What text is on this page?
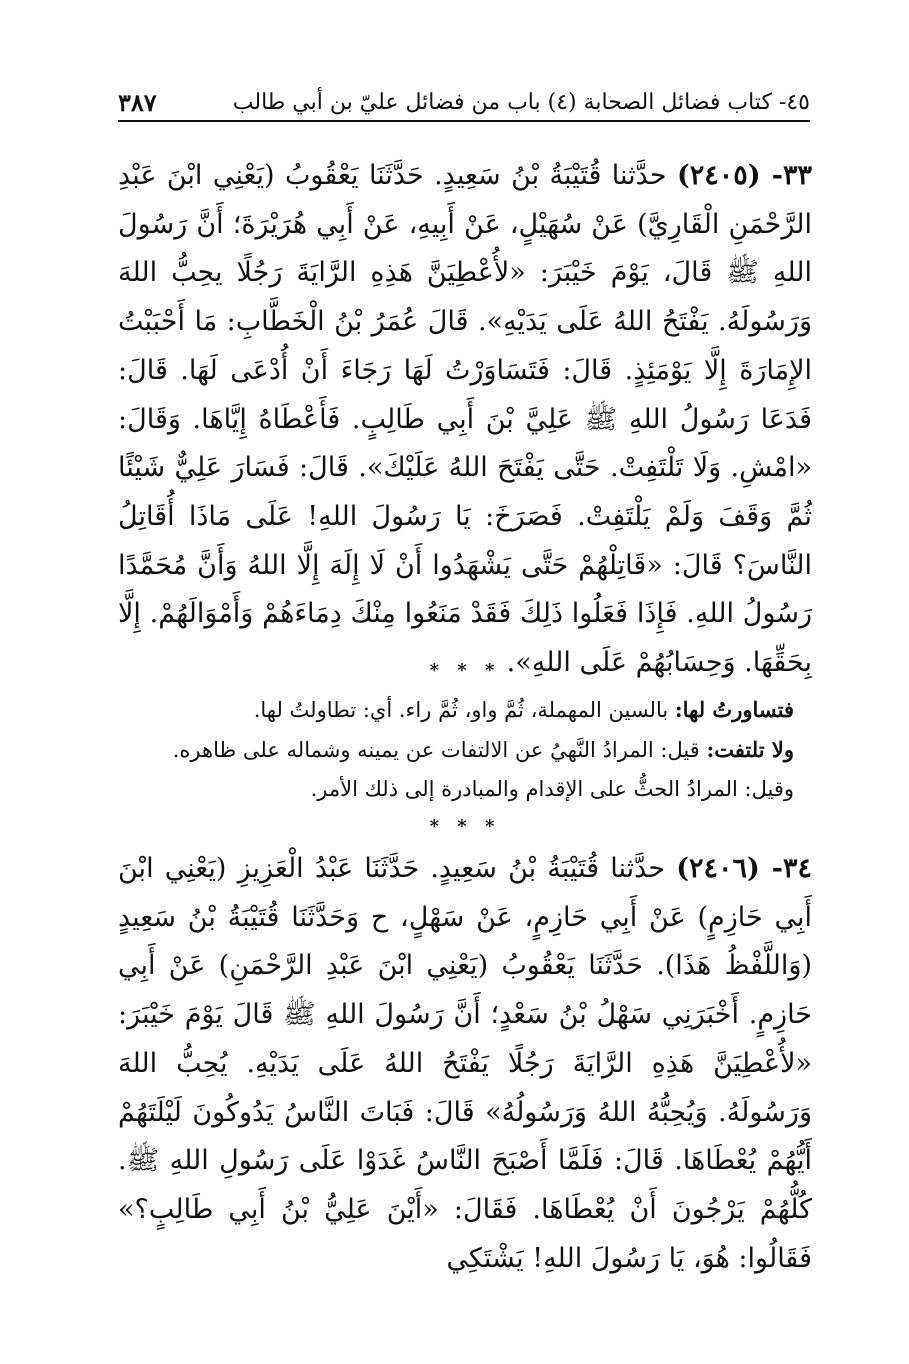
٤٥- كتاب فضائل الصحابة (٤) باب من فضائل عليّ بن أبي طالب
٣٨٧
٣٣- (٢٤٠٥) حدَّثنا قُتَيْبَةُ بْنُ سَعِيدٍ. حَدَّثَنَا يَعْقُوبُ (يَعْنِي ابْنَ عَبْدِ الرَّحْمَنِ الْقَارِيَّ) عَنْ سُهَيْلٍ، عَنْ أَبِيهِ، عَنْ أَبِي هُرَيْرَةَ؛ أَنَّ رَسُولَ اللهِ ﷺ قَالَ، يَوْمَ خَيْبَرَ: «لأُعْطِيَنَّ هَذِهِ الرَّايَةَ رَجُلًا يحِبُّ اللهَ وَرَسُولَهُ. يَفْتَحُ اللهُ عَلَى يَدَيْهِ». قَالَ عُمَرُ بْنُ الْخَطَّابِ: مَا أَحْبَبْتُ الإِمَارَةَ إِلَّا يَوْمَئِذٍ. قَالَ: فَتَسَاوَرْتُ لَهَا رَجَاءَ أَنْ أُدْعَى لَهَا. قَالَ: فَدَعَا رَسُولُ اللهِ ﷺ عَلِيَّ بْنَ أَبِي طَالِبٍ. فَأَعْطَاهُ إِيَّاهَا. وَقَالَ: «امْشِ. وَلَا تَلْتَفِتْ. حَتَّى يَفْتَحَ اللهُ عَلَيْكَ». قَالَ: فَسَارَ عَلِيٌّ شَيْئًا ثُمَّ وَقَفَ وَلَمْ يَلْتَفِتْ. فَصَرَخَ: يَا رَسُولَ اللهِ! عَلَى مَاذَا أُقَاتِلُ النَّاسَ؟ قَالَ: «قَاتِلْهُمْ حَتَّى يَشْهَدُوا أَنْ لَا إِلَهَ إِلَّا اللهُ وَأَنَّ مُحَمَّدًا رَسُولُ اللهِ. فَإِذَا فَعَلُوا ذَلِكَ فَقَدْ مَنَعُوا مِنْكَ دِمَاءَهُمْ وَأَمْوَالَهُمْ. إِلَّا بِحَقِّهَا. وَحِسَابُهُمْ عَلَى اللهِ».
* * *
فتساورتُ لها: بالسين المهملة، ثُمَّ واو، ثُمَّ راء. أي: تطاولتُ لها.
ولا تلتفت: قيل: المرادُ النَّهيُ عن الالتفات عن يمينه وشماله على ظاهره.
وقيل: المرادُ الحثُّ على الإقدام والمبادرة إلى ذلك الأمر.
* * *
٣٤- (٢٤٠٦) حدَّثنا قُتَيْبَةُ بْنُ سَعِيدٍ. حَدَّثَنَا عَبْدُ الْعَزِيزِ (يَعْنِي ابْنَ أَبِي حَازِمٍ) عَنْ أَبِي حَازِمٍ، عَنْ سَهْلٍ، ح وَحَدَّثَنَا قُتَيْبَةُ بْنُ سَعِيدٍ (وَاللَّفْظُ هَذَا). حَدَّثَنَا يَعْقُوبُ (يَعْنِي ابْنَ عَبْدِ الرَّحْمَنِ) عَنْ أَبِي حَازِمٍ. أَخْبَرَنِي سَهْلُ بْنُ سَعْدٍ؛ أَنَّ رَسُولَ اللهِ ﷺ قَالَ يَوْمَ خَيْبَرَ: «لأُعْطِيَنَّ هَذِهِ الرَّايَةَ رَجُلًا يَفْتَحُ اللهُ عَلَى يَدَيْهِ. يُحِبُّ اللهَ وَرَسُولَهُ. وَيُحِبُّهُ اللهُ وَرَسُولُهُ» قَالَ: فَبَاتَ النَّاسُ يَدُوكُونَ لَيْلَتَهُمْ أَيُّهُمْ يُعْطَاهَا. قَالَ: فَلَمَّا أَصْبَحَ النَّاسُ غَدَوْا عَلَى رَسُولِ اللهِ ﷺ. كُلُّهُمْ يَرْجُونَ أَنْ يُعْطَاهَا. فَقَالَ: «أَيْنَ عَلِيُّ بْنُ أَبِي طَالِبٍ؟» فَقَالُوا: هُوَ، يَا رَسُولَ اللهِ! يَشْتَكِي
